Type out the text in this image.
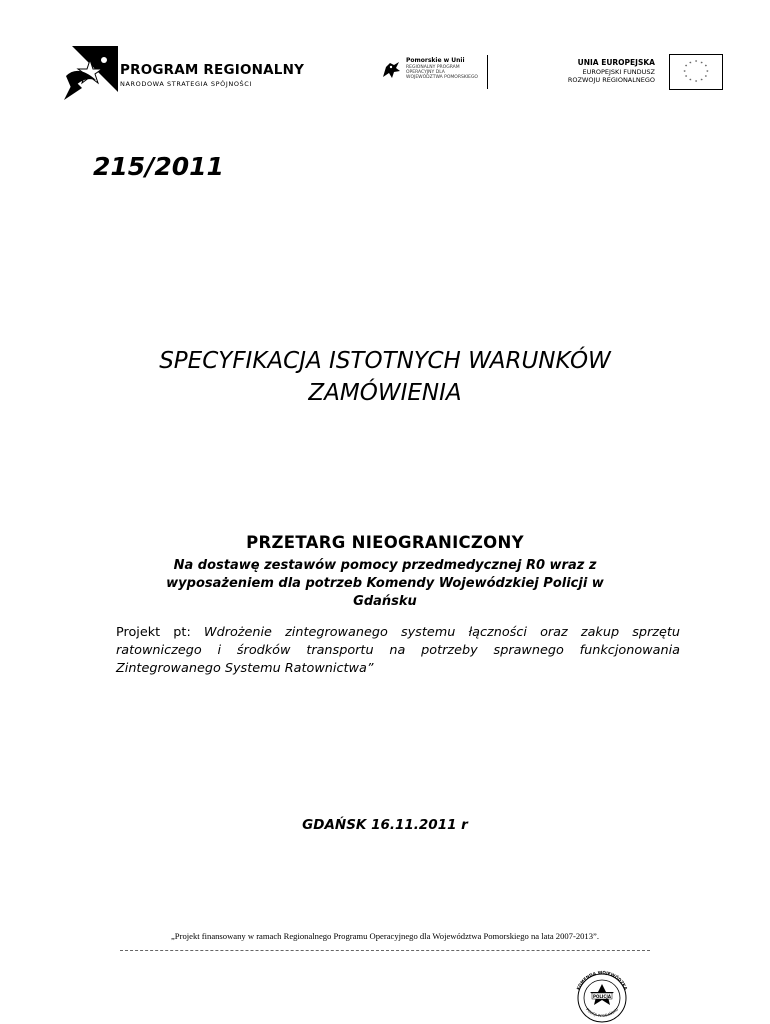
PROGRAM REGIONALNY
NARODOWA STRATEGIA SPÓJNOŚCI
Pomorskie w Unii
REGIONALNY PROGRAM OPERACYJNY DLA WOJEWÓDZTWA POMORSKIEGO
UNIA EUROPEJSKA
EUROPEJSKI FUNDUSZ
ROZWOJU REGIONALNEGO
* *
*
*
*
*
*
*
*
*
*
*
215/2011
SPECYFIKACJA ISTOTNYCH WARUNKÓW
ZAMÓWIENIA
PRZETARG NIEOGRANICZONY
Na dostawę zestawów pomocy przedmedycznej R0 wraz z wyposażeniem dla potrzeb Komendy Wojewódzkiej Policji w Gdańsku
Projekt pt: Wdrożenie zintegrowanego systemu łączności oraz zakup sprzętu ratowniczego i środków transportu na potrzeby sprawnego funkcjonowania Zintegrowanego Systemu Ratownictwa”
GDAŃSK 16.11.2011 r
„Projekt finansowany w ramach Regionalnego Programu Operacyjnego dla Województwa Pomorskiego na lata 2007-2013”.
POLICJA
KOMENDA WOJEWÓDZKA
POLICJI W GDAŃSKU
